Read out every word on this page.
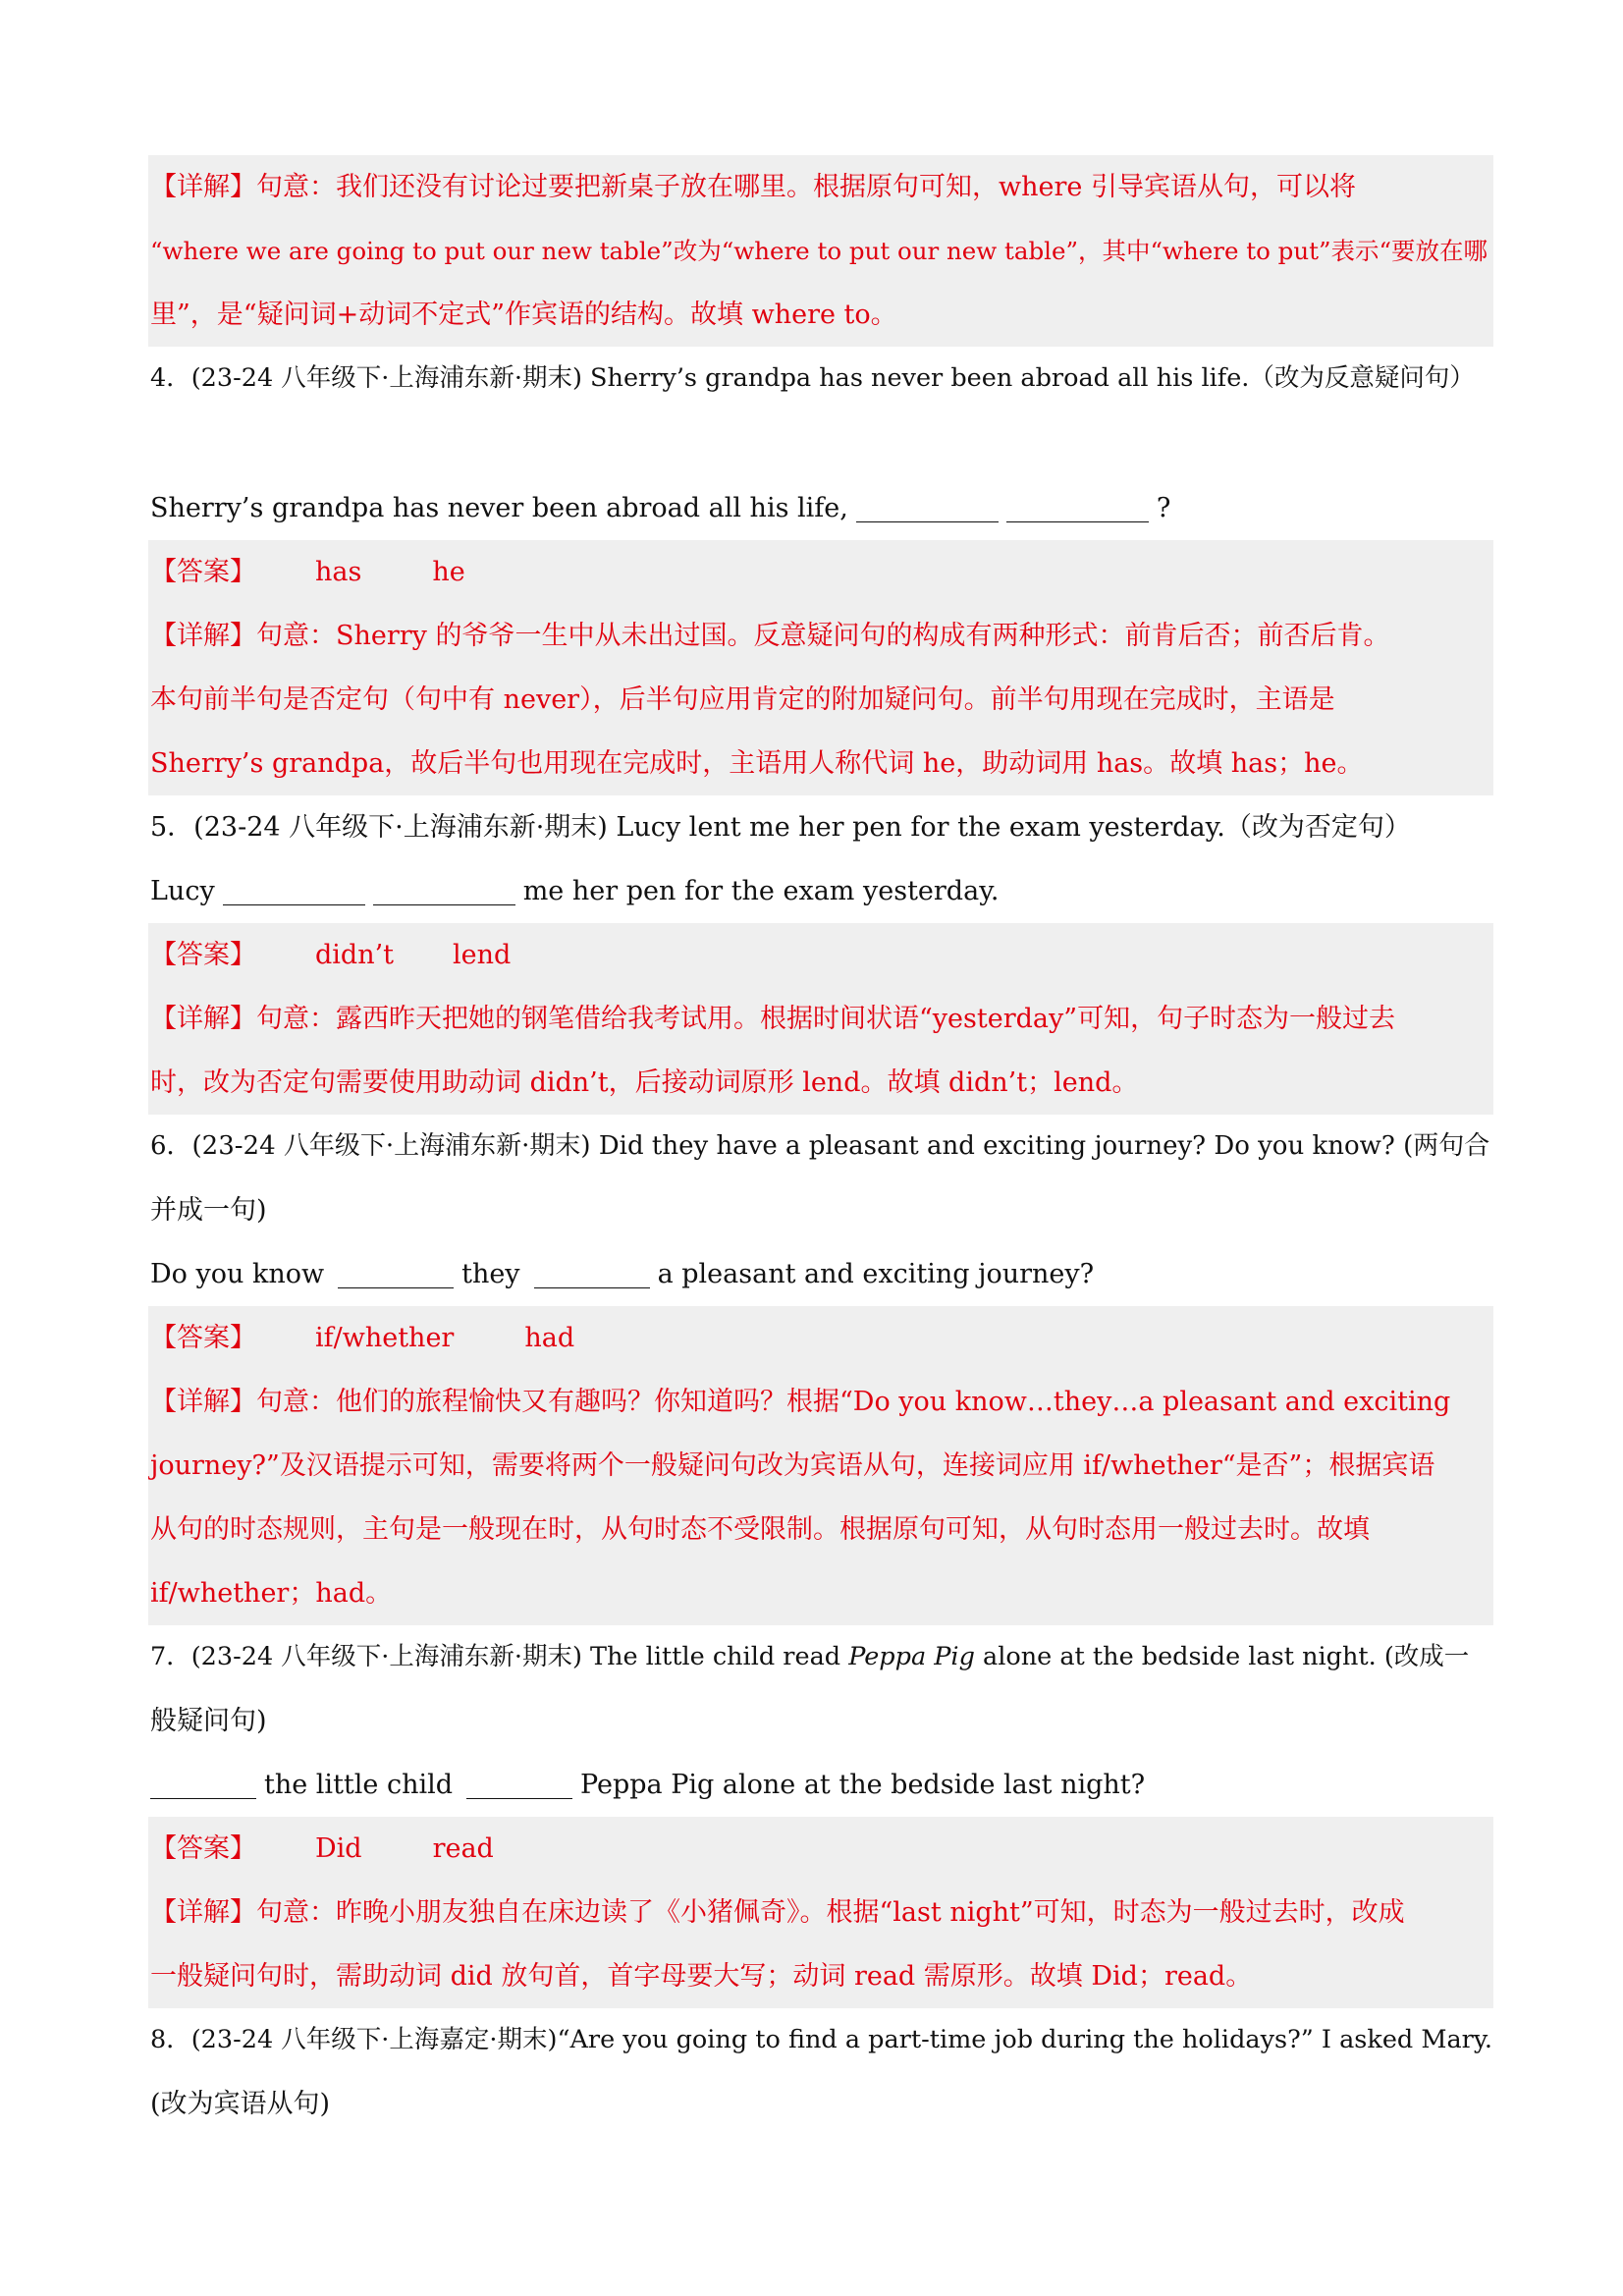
【详解】句意：我们还没有讨论过要把新桌子放在哪里。根据原句可知，where 引导宾语从句，可以将
“where we are going to put our new table”改为“where to put our new table”，其中“where to put”表示“要放在哪
里”，是“疑问词+动词不定式”作宾语的结构。故填 where to。
4．(23-24 八年级下·上海浦东新·期末) Sherry’s grandpa has never been abroad all his life.（改为反意疑问句）
Sherry’s grandpa has never been abroad all his life,	?
【答案】 has	he
【详解】句意：Sherry 的爷爷一生中从未出过国。反意疑问句的构成有两种形式：前肯后否；前否后肯。
本句前半句是否定句（句中有 never），后半句应用肯定的附加疑问句。前半句用现在完成时，主语是
Sherry’s grandpa，故后半句也用现在完成时，主语用人称代词 he，助动词用 has。故填 has；he。
5．(23-24 八年级下·上海浦东新·期末) Lucy lent me her pen for the exam yesterday.（改为否定句）
Lucy	me her pen for the exam yesterday.
【答案】 didn’t lend
【详解】句意：露西昨天把她的钢笔借给我考试用。根据时间状语“yesterday”可知，句子时态为一般过去
时，改为否定句需要使用助动词 didn’t，后接动词原形 lend。故填 didn’t；lend。
6．(23-24 八年级下·上海浦东新·期末) Did they have a pleasant and exciting journey? Do you know? (两句合
并成一句)
Do you know	they	a pleasant and exciting journey?
【答案】 if/whether	had
【详解】句意：他们的旅程愉快又有趣吗？你知道吗？根据“Do you know…they…a pleasant and exciting
journey?”及汉语提示可知，需要将两个一般疑问句改为宾语从句，连接词应用 if/whether“是否”；根据宾语
从句的时态规则，主句是一般现在时，从句时态不受限制。根据原句可知，从句时态用一般过去时。故填
if/whether；had。
7．(23-24 八年级下·上海浦东新·期末) The little child read Peppa Pig alone at the bedside last night. (改成一
般疑问句)
the little child	Peppa Pig alone at the bedside last night?
【答案】 Did	read
【详解】句意：昨晚小朋友独自在床边读了《小猪佩奇》。根据“last night”可知，时态为一般过去时，改成
一般疑问句时，需助动词 did 放句首，首字母要大写；动词 read 需原形。故填 Did；read。
8．(23-24 八年级下·上海嘉定·期末)“Are you going to find a part-time job during the holidays?” I asked Mary.
(改为宾语从句)
